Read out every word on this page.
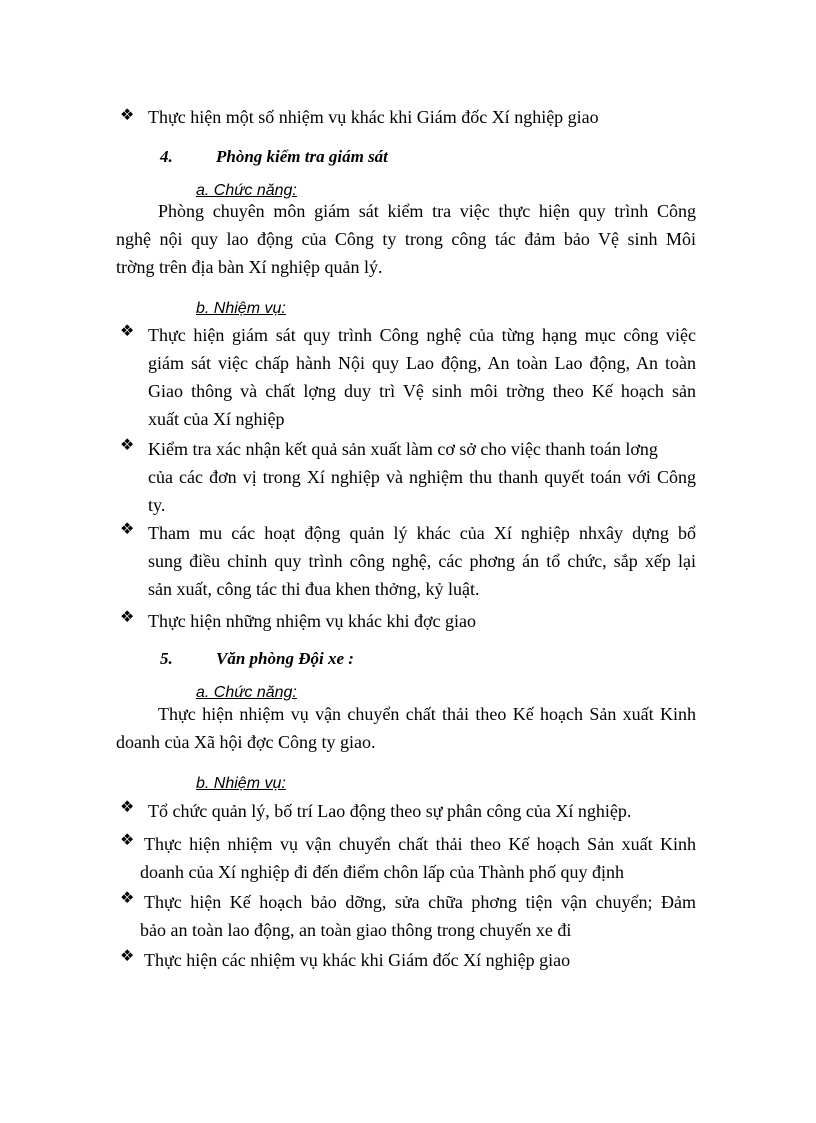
❖ Thực hiện một số nhiệm vụ khác khi Giám đốc Xí nghiệp giao
4.	Phòng kiểm tra giám sát
a. Chức năng:
Phòng chuyên môn giám sát kiểm tra việc thực hiện quy trình Công
nghệ nội quy lao động của Công ty trong công tác đảm bảo Vệ sinh Môi
trờng trên địa bàn Xí nghiệp quản lý.
b. Nhiệm vụ:
❖ Thực hiện giám sát quy trình Công nghệ của từng hạng mục công việc
giám sát việc chấp hành Nội quy Lao động, An toàn Lao động, An toàn
Giao thông và chất lợng duy trì Vệ sinh môi trờng theo Kế hoạch sản
xuất của Xí nghiệp
❖ Kiểm tra xác nhận kết quả sản xuất làm cơ sở cho việc thanh toán lơng
của các đơn vị trong Xí nghiệp và nghiệm thu thanh quyết toán với Công
ty.
❖ Tham mu các hoạt động quản lý khác của Xí nghiệp nhxây dựng bổ
sung điều chỉnh quy trình công nghệ, các phơng án tổ chức, sắp xếp lại
sản xuất, công tác thi đua khen thởng, kỷ luật.
❖ Thực hiện những nhiệm vụ khác khi đợc giao
5.	Văn phòng Đội xe :
a. Chức năng:
Thực hiện nhiệm vụ vận chuyển chất thải theo Kế hoạch Sản xuất Kinh
doanh của Xã hội đợc Công ty giao.
b. Nhiệm vụ:
❖ Tổ chức quản lý, bố trí Lao động theo sự phân công của Xí nghiệp.
❖ Thực hiện nhiệm vụ vận chuyển chất thải theo Kế hoạch Sản xuất Kinh
doanh của Xí nghiệp đi đến điểm chôn lấp của Thành phố quy định
❖ Thực hiện Kế hoạch bảo dỡng, sửa chữa phơng tiện vận chuyển; Đảm
bảo an toàn lao động, an toàn giao thông trong chuyến xe đi
❖ Thực hiện các nhiệm vụ khác khi Giám đốc Xí nghiệp giao
